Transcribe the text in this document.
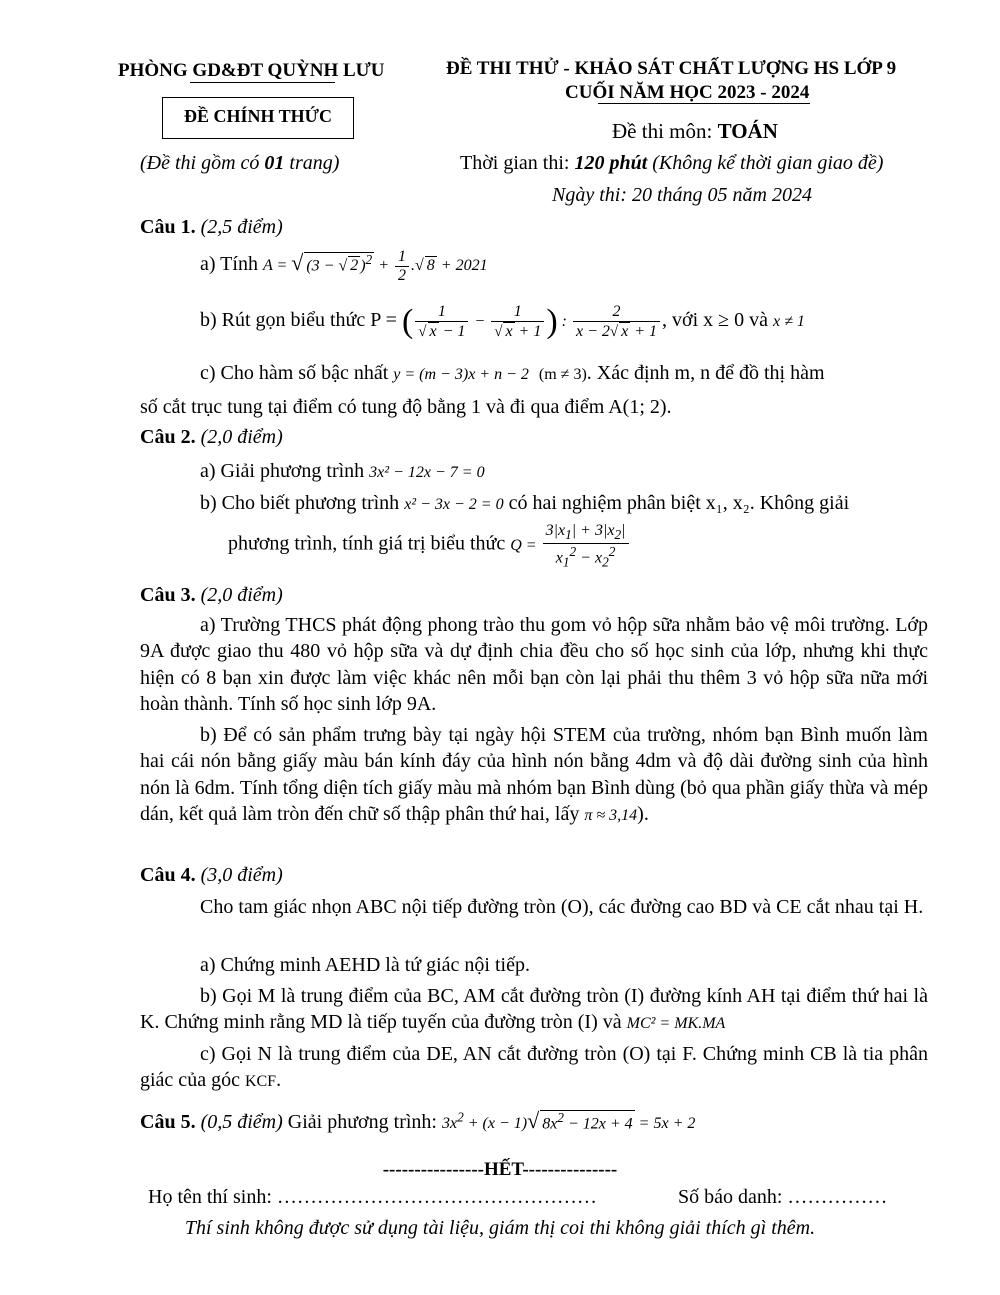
PHÒNG GD&ĐT QUỲNH LƯU
ĐỀ CHÍNH THỨC
(Đề thi gồm có 01 trang)
ĐỀ THI THỬ - KHẢO SÁT CHẤT LƯỢNG HS LỚP 9
CUỐI NĂM HỌC 2023 - 2024
Đề thi môn: TOÁN
Thời gian thi: 120 phút (Không kể thời gian giao đề)
Ngày thi: 20 tháng 05 năm 2024
Câu 1. (2,5 điểm)
a) Tính A = √ (3 − √ 2 )$^2 + \frac{1}{2}$ .√ 8 + 2021
b) Rút gọn biểu thức P = ( $\frac{1}{√ x - 1} - \frac{1}{√ x + 1}$ ) : $\frac{2}{x - 2√ x + 1}$ , với x ≥ 0 và x ≠ 1
c) Cho hàm số bậc nhất y = (m − 3)x + n − 2 (m ≠ 3). Xác định m, n để đồ thị hàm
số cắt trục tung tại điểm có tung độ bằng 1 và đi qua điểm A(1; 2).
Câu 2. (2,0 điểm)
a) Giải phương trình 3x² − 12x − 7 = 0
b) Cho biết phương trình x² − 3x − 2 = 0 có hai nghiệm phân biệt x₁, x₂. Không giải
phương trình, tính giá trị biểu thức $Q = \frac{3|x_1| + 3|x_2|}{x_1^2 - x_2^2}$
Câu 3. (2,0 điểm)
a) Trường THCS phát động phong trào thu gom vỏ hộp sữa nhằm bảo vệ môi trường. Lớp 9A được giao thu 480 vỏ hộp sữa và dự định chia đều cho số học sinh của lớp, nhưng khi thực hiện có 8 bạn xin được làm việc khác nên mỗi bạn còn lại phải thu thêm 3 vỏ hộp sữa nữa mới hoàn thành. Tính số học sinh lớp 9A.
b) Để có sản phẩm trưng bày tại ngày hội STEM của trường, nhóm bạn Bình muốn làm hai cái nón bằng giấy màu bán kính đáy của hình nón bằng 4dm và độ dài đường sinh của hình nón là 6dm. Tính tổng diện tích giấy màu mà nhóm bạn Bình dùng (bỏ qua phần giấy thừa và mép dán, kết quả làm tròn đến chữ số thập phân thứ hai, lấy π ≈ 3,14).
Câu 4. (3,0 điểm)
Cho tam giác nhọn ABC nội tiếp đường tròn (O), các đường cao BD và CE cắt nhau tại H.
a) Chứng minh AEHD là tứ giác nội tiếp.
b) Gọi M là trung điểm của BC, AM cắt đường tròn (I) đường kính AH tại điểm thứ hai là K. Chứng minh rằng MD là tiếp tuyến của đường tròn (I) và MC² = MK.MA
c) Gọi N là trung điểm của DE, AN cắt đường tròn (O) tại F. Chứng minh CB là tia phân giác của góc KCF.
Câu 5. (0,5 điểm) Giải phương trình: $3x^2 + (x - 1)√$ $8x^2 - 12x + 4 = 5x + 2$
----------------HẾT---------------
Họ tên thí sinh: …………………………………………	Số báo danh: ……………
Thí sinh không được sử dụng tài liệu, giám thị coi thi không giải thích gì thêm.
